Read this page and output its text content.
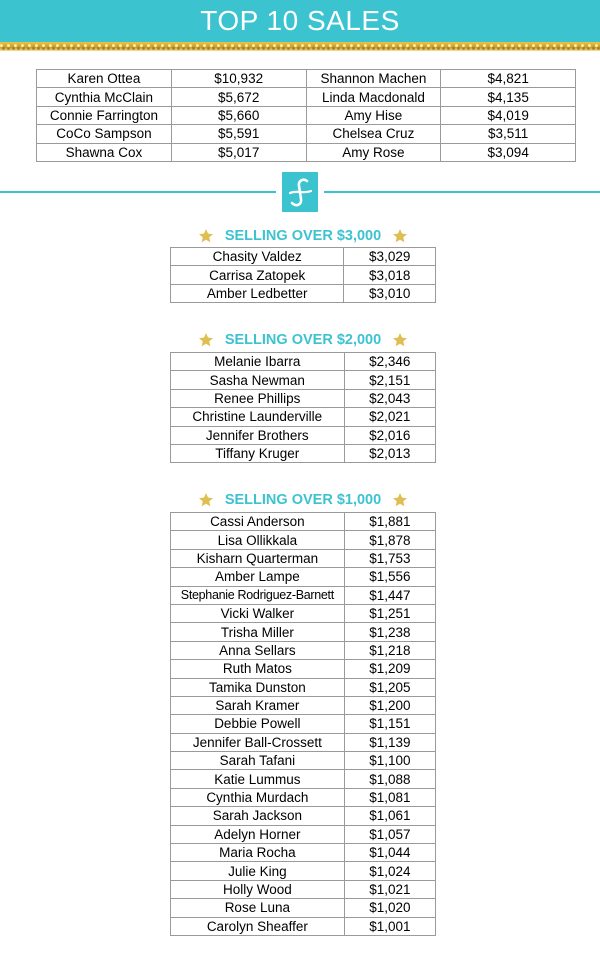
TOP 10 SALES
Karen Ottea	$10,932	Shannon Machen	$4,821
Cynthia McClain	$5,672	Linda Macdonald	$4,135
Connie Farrington	$5,660	Amy Hise	$4,019
CoCo Sampson	$5,591	Chelsea Cruz	$3,511
Shawna Cox	$5,017	Amy Rose	$3,094
SELLING OVER $3,000
Chasity Valdez	$3,029
Carrisa Zatopek	$3,018
Amber Ledbetter	$3,010
SELLING OVER $2,000
Melanie Ibarra	$2,346
Sasha Newman	$2,151
Renee Phillips	$2,043
Christine Launderville	$2,021
Jennifer Brothers	$2,016
Tiffany Kruger	$2,013
SELLING OVER $1,000
Cassi Anderson	$1,881
Lisa Ollikkala	$1,878
Kisharn Quarterman	$1,753
Amber Lampe	$1,556
Stephanie Rodriguez-Barnett	$1,447
Vicki Walker	$1,251
Trisha Miller	$1,238
Anna Sellars	$1,218
Ruth Matos	$1,209
Tamika Dunston	$1,205
Sarah Kramer	$1,200
Debbie Powell	$1,151
Jennifer Ball-Crossett	$1,139
Sarah Tafani	$1,100
Katie Lummus	$1,088
Cynthia Murdach	$1,081
Sarah Jackson	$1,061
Adelyn Horner	$1,057
Maria Rocha	$1,044
Julie King	$1,024
Holly Wood	$1,021
Rose Luna	$1,020
Carolyn Sheaffer	$1,001
